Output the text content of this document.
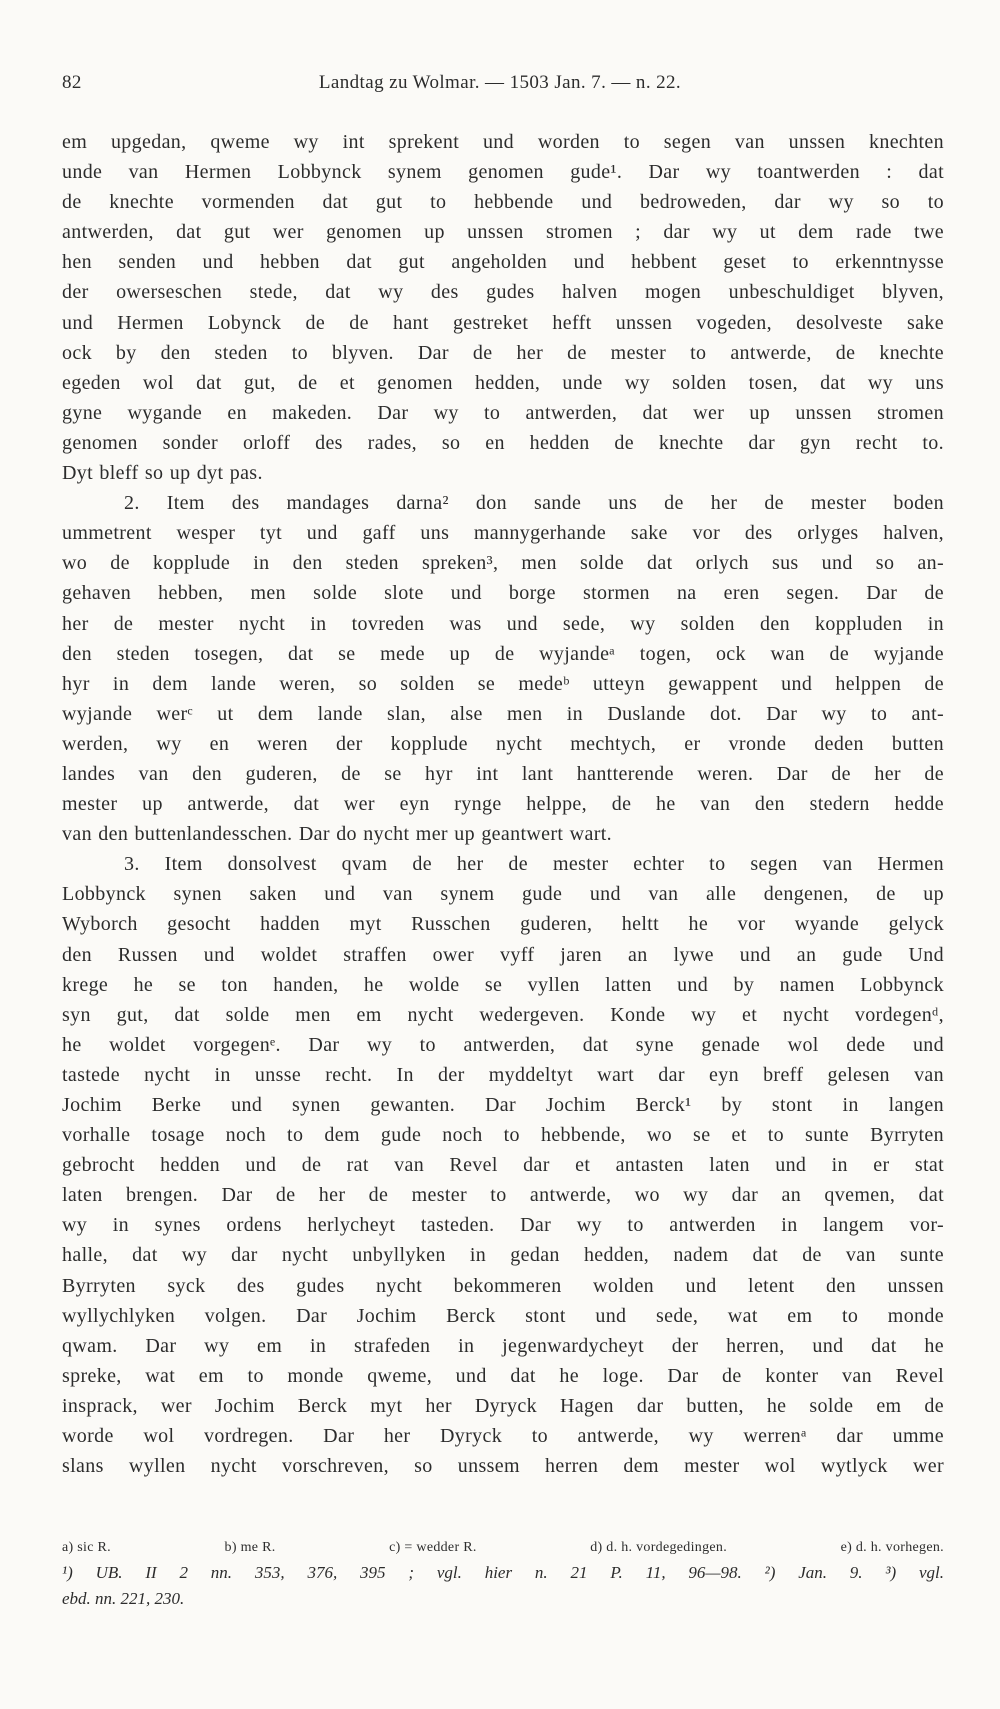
82	Landtag zu Wolmar. — 1503 Jan. 7. — n. 22.
em upgedan, qweme wy int sprekent und worden to segen van unssen knechten
unde van Hermen Lobbynck synem genomen gude¹. Dar wy toantwerden : dat
de knechte vormenden dat gut to hebbende und bedroweden, dar wy so to
antwerden, dat gut wer genomen up unssen stromen ; dar wy ut dem rade twe
hen senden und hebben dat gut angeholden und hebbent geset to erkenntnysse
der owerseschen stede, dat wy des gudes halven mogen unbeschuldiget blyven,
und Hermen Lobynck de de hant gestreket hefft unssen vogeden, desolveste sake
ock by den steden to blyven. Dar de her de mester to antwerde, de knechte
egeden wol dat gut, de et genomen hedden, unde wy solden tosen, dat wy uns
gyne wygande en makeden. Dar wy to antwerden, dat wer up unssen stromen
genomen sonder orloff des rades, so en hedden de knechte dar gyn recht to.
Dyt bleff so up dyt pas.
2. Item des mandages darna² don sande uns de her de mester boden
ummetrent wesper tyt und gaff uns mannygerhande sake vor des orlyges halven,
wo de kopplude in den steden spreken³, men solde dat orlych sus und so an-
gehaven hebben, men solde slote und borge stormen na eren segen. Dar de
her de mester nycht in tovreden was und sede, wy solden den koppluden in
den steden tosegen, dat se mede up de wyjandeᵃ togen, ock wan de wyjande
hyr in dem lande weren, so solden se medeᵇ utteyn gewappent und helppen de
wyjande werᶜ ut dem lande slan, alse men in Duslande dot. Dar wy to ant-
werden, wy en weren der kopplude nycht mechtych, er vronde deden butten
landes van den guderen, de se hyr int lant hantterende weren. Dar de her de
mester up antwerde, dat wer eyn rynge helppe, de he van den stedern hedde
van den buttenlandesschen. Dar do nycht mer up geantwert wart.
3. Item donsolvest qvam de her de mester echter to segen van Hermen
Lobbynck synen saken und van synem gude und van alle dengenen, de up
Wyborch gesocht hadden myt Russchen guderen, heltt he vor wyande gelyck
den Russen und woldet straffen ower vyff jaren an lywe und an gude Und
krege he se ton handen, he wolde se vyllen latten und by namen Lobbynck
syn gut, dat solde men em nycht wedergeven. Konde wy et nycht vordegenᵈ,
he woldet vorgegenᵉ. Dar wy to antwerden, dat syne genade wol dede und
tastede nycht in unsse recht. In der myddeltyt wart dar eyn breff gelesen van
Jochim Berke und synen gewanten. Dar Jochim Berck¹ by stont in langen
vorhalle tosage noch to dem gude noch to hebbende, wo se et to sunte Byrryten
gebrocht hedden und de rat van Revel dar et antasten laten und in er stat
laten brengen. Dar de her de mester to antwerde, wo wy dar an qvemen, dat
wy in synes ordens herlycheyt tasteden. Dar wy to antwerden in langem vor-
halle, dat wy dar nycht unbyllyken in gedan hedden, nadem dat de van sunte
Byrryten syck des gudes nycht bekommeren wolden und letent den unssen
wyllychlyken volgen. Dar Jochim Berck stont und sede, wat em to monde
qwam. Dar wy em in strafeden in jegenwardycheyt der herren, und dat he
spreke, wat em to monde qweme, und dat he loge. Dar de konter van Revel
insprack, wer Jochim Berck myt her Dyryck Hagen dar butten, he solde em de
worde wol vordregen. Dar her Dyryck to antwerde, wy werrenᵃ dar umme
slans wyllen nycht vorschreven, so unssem herren dem mester wol wytlyck wer
a) sic R.	b) me R.	c) = wedder R.	d) d. h. vordegedingen.	e) d. h. vorhegen.
¹) UB. II 2 nn. 353, 376, 395 ; vgl. hier n. 21 P. 11, 96—98. ²) Jan. 9. ³) vgl.
ebd. nn. 221, 230.
